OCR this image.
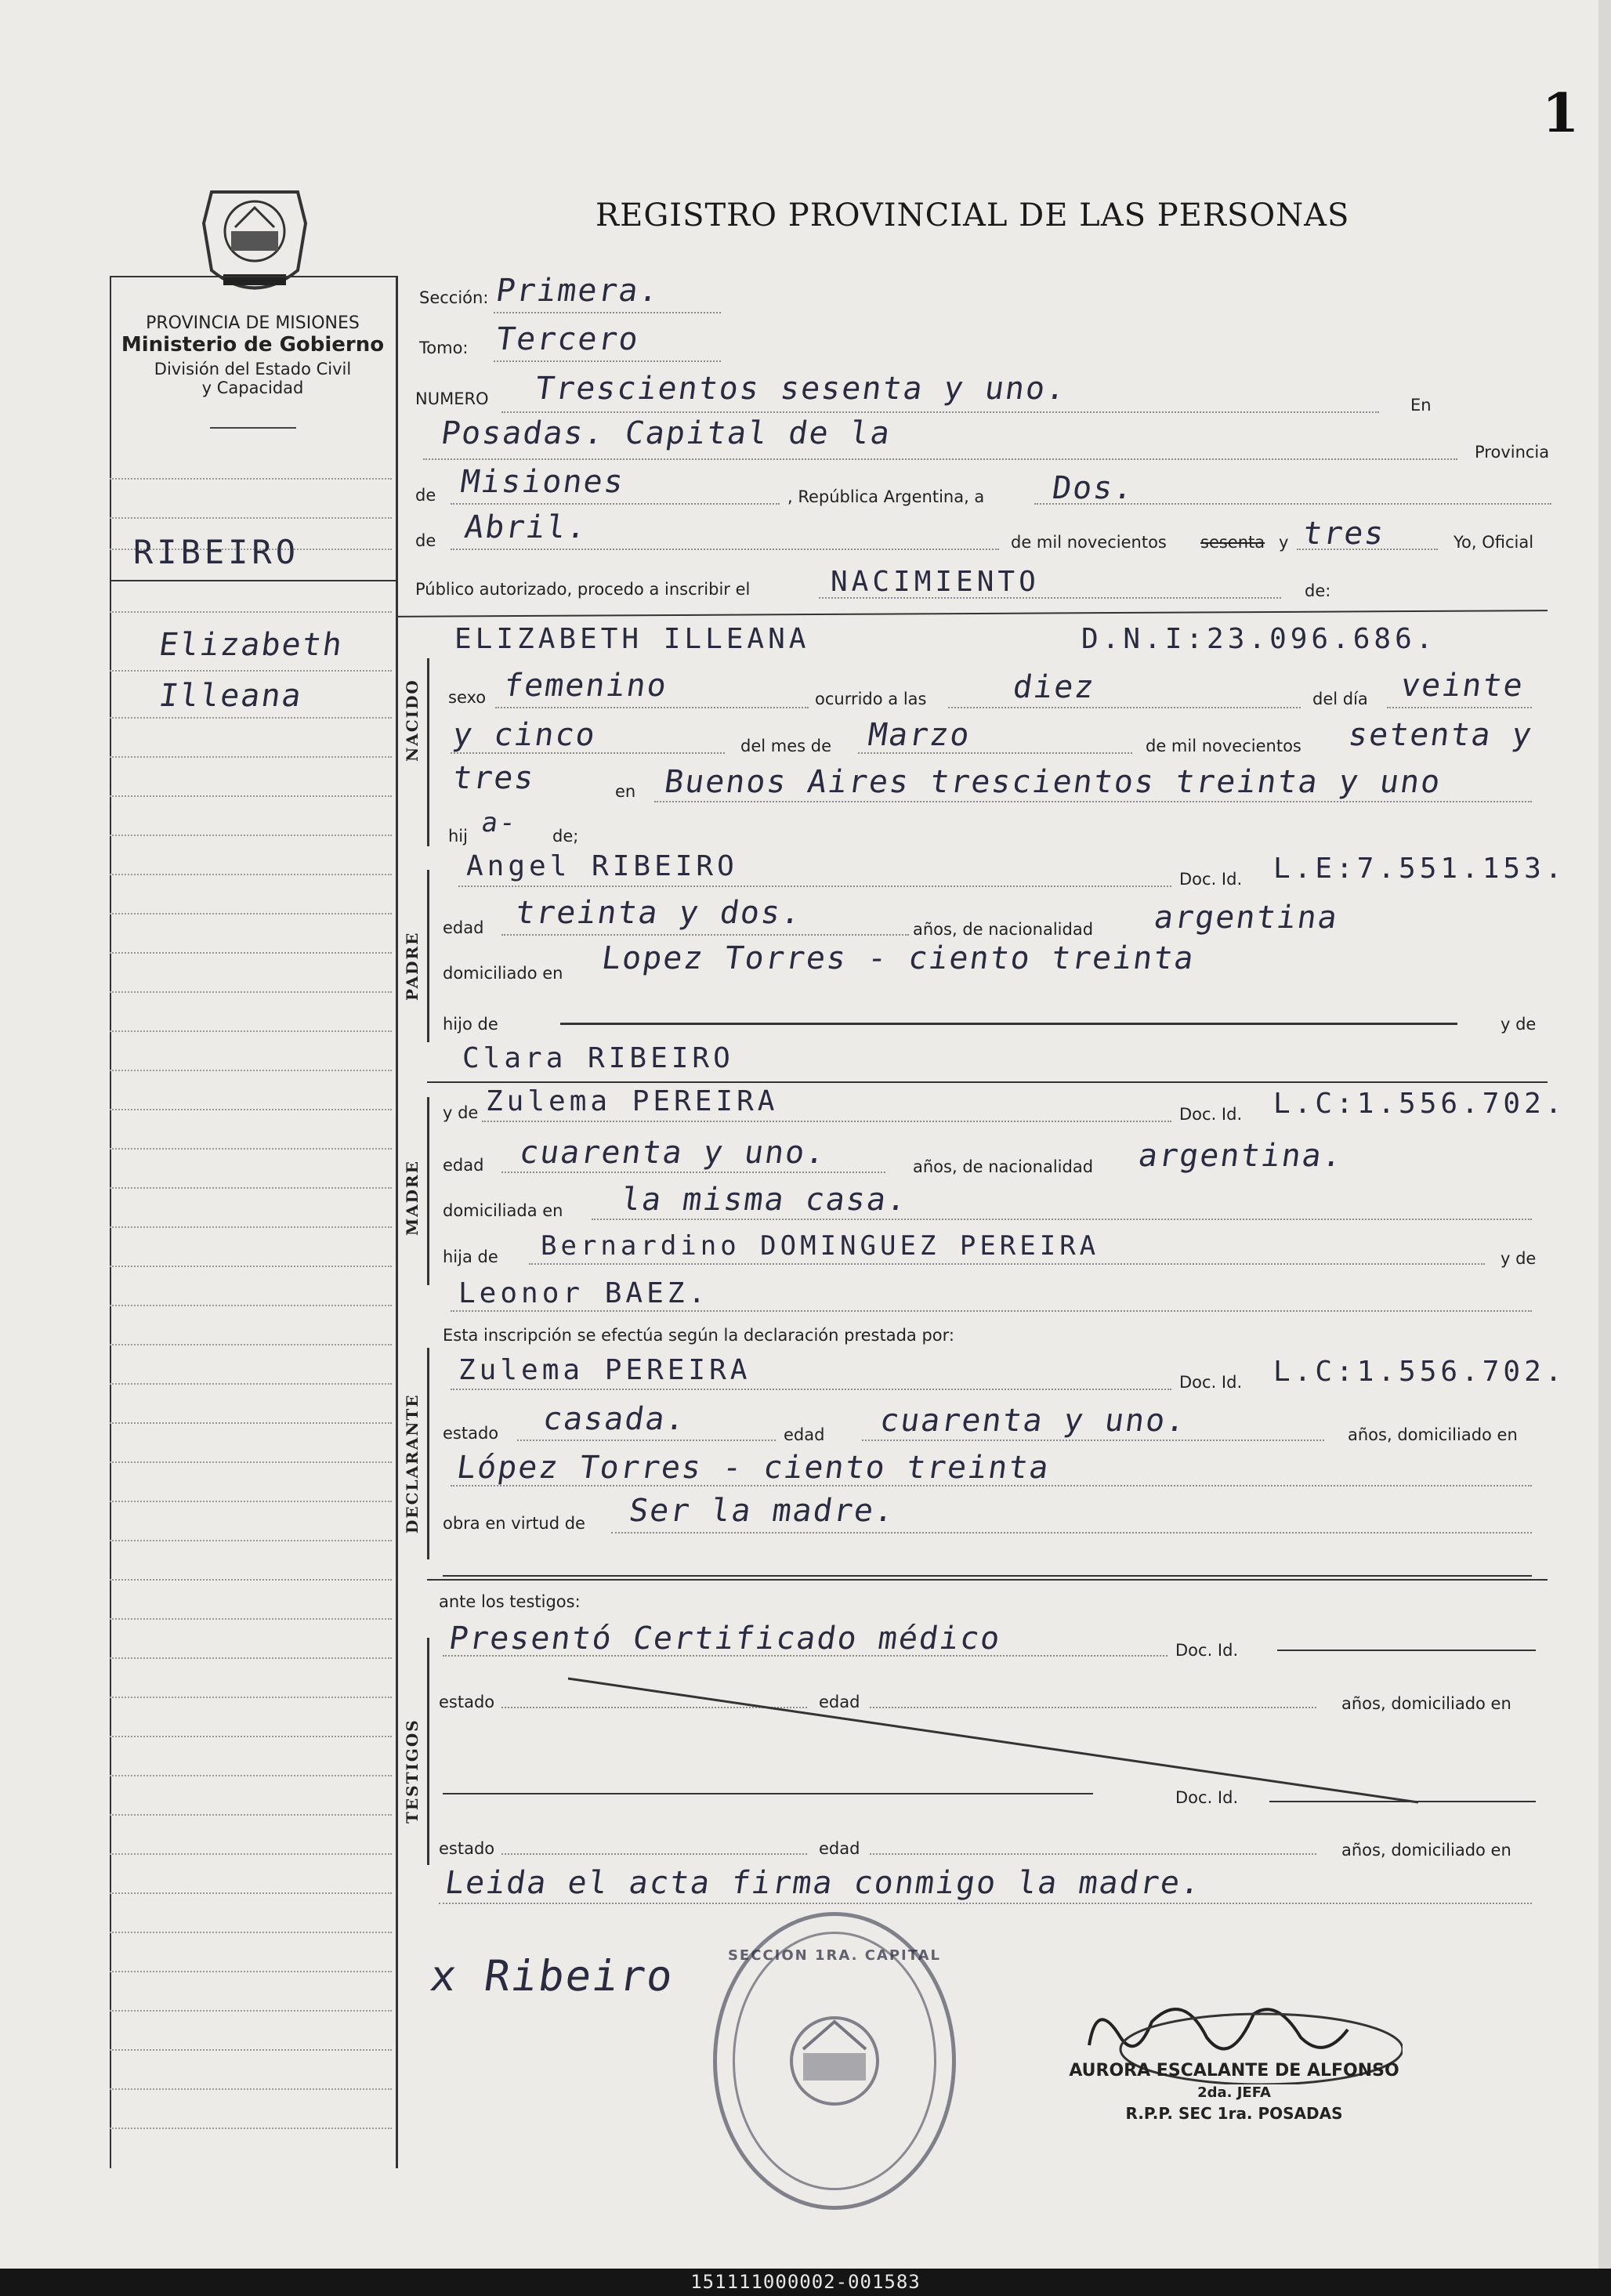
1
REGISTRO PROVINCIAL DE LAS PERSONAS
PROVINCIA DE MISIONES
Ministerio de Gobierno
División del Estado Civil
y Capacidad
RIBEIRO
Elizabeth
Illeana
Sección: Primera.
Tomo: Tercero
NUMERO Trescientos sesenta y uno.	En
Posadas. Capital de la
Provincia
de Misiones	, República Argentina, a Dos.
de Abril.	de mil novecientos sesenta y tres	Yo, Oficial
Público autorizado, procedo a inscribir el	NACIMIENTO	de:
NACIDO
ELIZABETH ILLEANA	D.N.I:23.096.686.
sexo femenino	ocurrido a las	diez	del día veinte
y cinco	del mes de Marzo	de mil novecientos setenta y
tres	en Buenos Aires trescientos treinta y uno
hij a- de;
PADRE
Angel RIBEIRO	Doc. Id. L.E:7.551.153.
edad treinta y dos.	años, de nacionalidad argentina
domiciliado en Lopez Torres - ciento treinta
hijo de	y de
Clara RIBEIRO
MADRE
y de Zulema PEREIRA	Doc. Id. L.C:1.556.702.
edad cuarenta y uno.	años, de nacionalidad argentina.
domiciliada en la misma casa.
hija de Bernardino DOMINGUEZ PEREIRA	y de
Leonor BAEZ.
Esta inscripción se efectúa según la declaración prestada por:
DECLARANTE
Zulema PEREIRA	Doc. Id. L.C:1.556.702.
estado casada.	edad cuarenta y uno.	años, domiciliado en
López Torres - ciento treinta
obra en virtud de Ser la madre.
ante los testigos:
TESTIGOS
Presentó Certificado médico	Doc. Id.
estado	edad	años, domiciliado en
Doc. Id.
estado	edad	años, domiciliado en
Leida el acta firma conmigo la madre.
x Ribeiro	SECCION 1RA. CAPITAL
AURORA ESCALANTE DE ALFONSO
2da. JEFA
R.P.P. SEC 1ra. POSADAS
151111000002-001583
